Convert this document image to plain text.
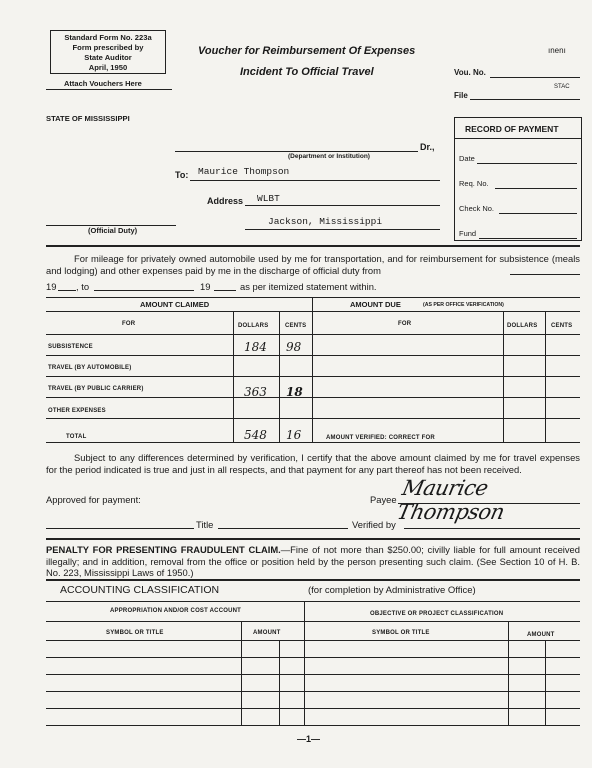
ınenı
Standard Form No. 223a
Form prescribed by
State Auditor
April, 1950
Attach Vouchers Here
Voucher for Reimbursement Of Expenses
Incident To Official Travel	Vou. No.
File
STAC
STATE OF MISSISSIPPI
Dr.,
(Department or Institution)
To: Maurice Thompson
Address WLBT
Jackson, Mississippi
(Official Duty)
RECORD OF PAYMENT
Date
Req. No.
Check No.
Fund
For mileage for privately owned automobile used by me for transportation, and for reimbursement for subsistence (meals and lodging) and other expenses paid by me in the discharge of official duty from
19 , to	19	as per itemized statement within.
AMOUNT CLAIMED	AMOUNT DUE	(AS PER OFFICE VERIFICATION)
FOR	DOLLARS	CENTS	FOR	DOLLARS CENTS
SUBSISTENCE	184 98
TRAVEL (BY AUTOMOBILE)
TRAVEL (BY PUBLIC CARRIER)	363 18
OTHER EXPENSES
TOTAL	548 16	AMOUNT VERIFIED: CORRECT FOR
Subject to any differences determined by verification, I certify that the above amount claimed by me for travel expenses for the period indicated is true and just in all respects, and that payment for any part thereof has not been received.
Approved for payment:	Payee Maurice Thompson
Title	Verified by
PENALTY FOR PRESENTING FRAUDULENT CLAIM.—Fine of not more than $250.00; civilly liable for full amount received illegally; and in addition, removal from the office or position held by the person presenting such claim. (See Section 10 of H. B. No. 223, Mississippi Laws of 1950.)
ACCOUNTING CLASSIFICATION	(for completion by Administrative Office)
APPROPRIATION AND/OR COST ACCOUNT	OBJECTIVE OR PROJECT CLASSIFICATION
SYMBOL OR TITLE	AMOUNT	SYMBOL OR TITLE	AMOUNT
—1—
